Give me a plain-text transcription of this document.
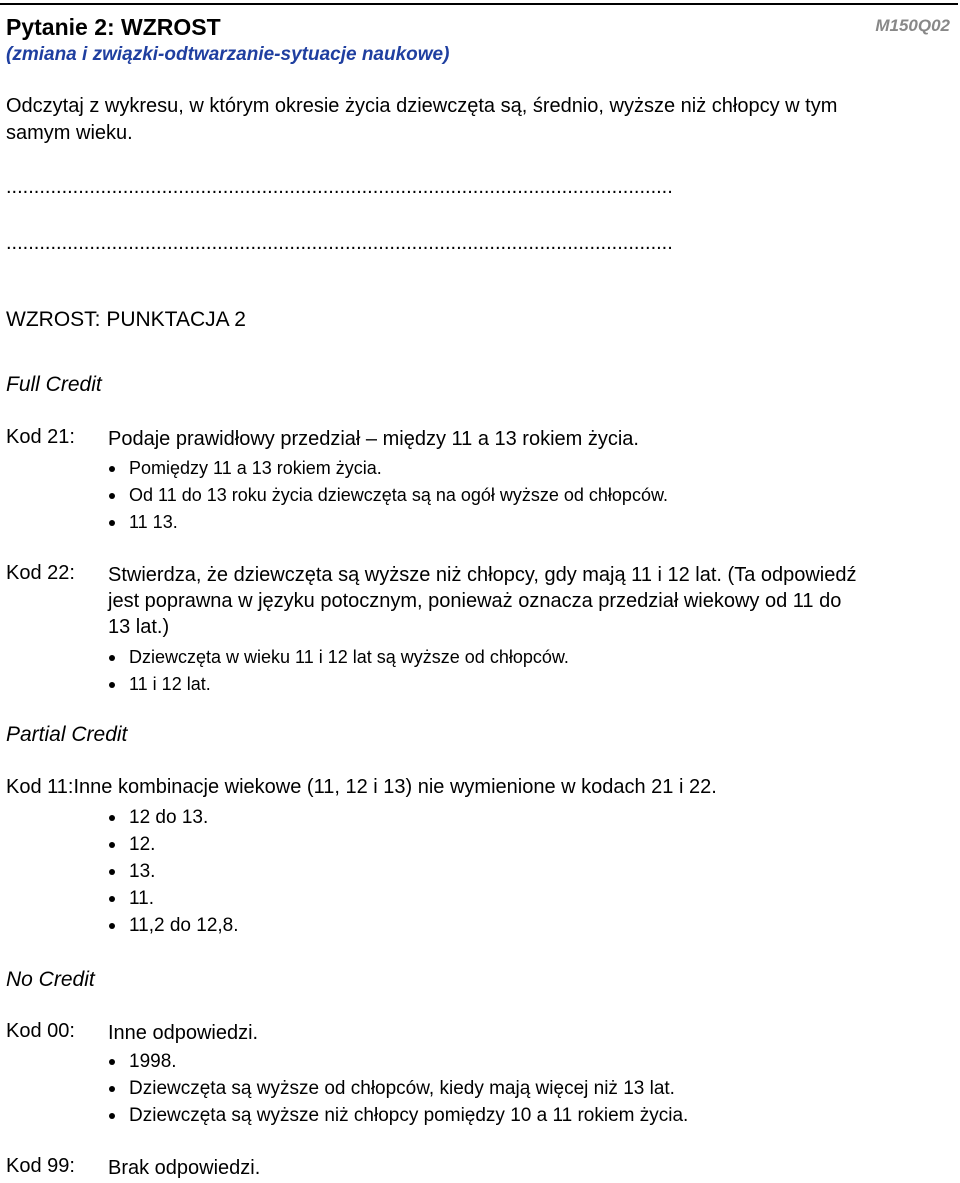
Pytanie 2: WZROST
(zmiana i związki-odtwarzanie-sytuacje naukowe)
M150Q02
Odczytaj z wykresu, w którym okresie życia dziewczęta są, średnio, wyższe niż chłopcy w tym samym wieku.
........................................................................................................................
........................................................................................................................
WZROST: PUNKTACJA 2
Full Credit
Kod 21: Podaje prawidłowy przedział – między 11 a 13 rokiem życia.
Pomiędzy 11 a 13 rokiem życia.
Od 11 do 13 roku życia dziewczęta są na ogół wyższe od chłopców.
11 13.
Kod 22: Stwierdza, że dziewczęta są wyższe niż chłopcy, gdy mają 11 i 12 lat. (Ta odpowiedź jest poprawna w języku potocznym, ponieważ oznacza przedział wiekowy od 11 do 13 lat.)
Dziewczęta w wieku 11 i 12 lat są wyższe od chłopców.
11 i 12 lat.
Partial Credit
Kod 11:Inne kombinacje wiekowe (11, 12 i 13) nie wymienione w kodach 21 i 22.
12 do 13.
12.
13.
11.
11,2 do 12,8.
No Credit
Kod 00: Inne odpowiedzi.
1998.
Dziewczęta są wyższe od chłopców, kiedy mają więcej niż 13 lat.
Dziewczęta są wyższe niż chłopcy pomiędzy 10 a 11 rokiem życia.
Kod 99: Brak odpowiedzi.
